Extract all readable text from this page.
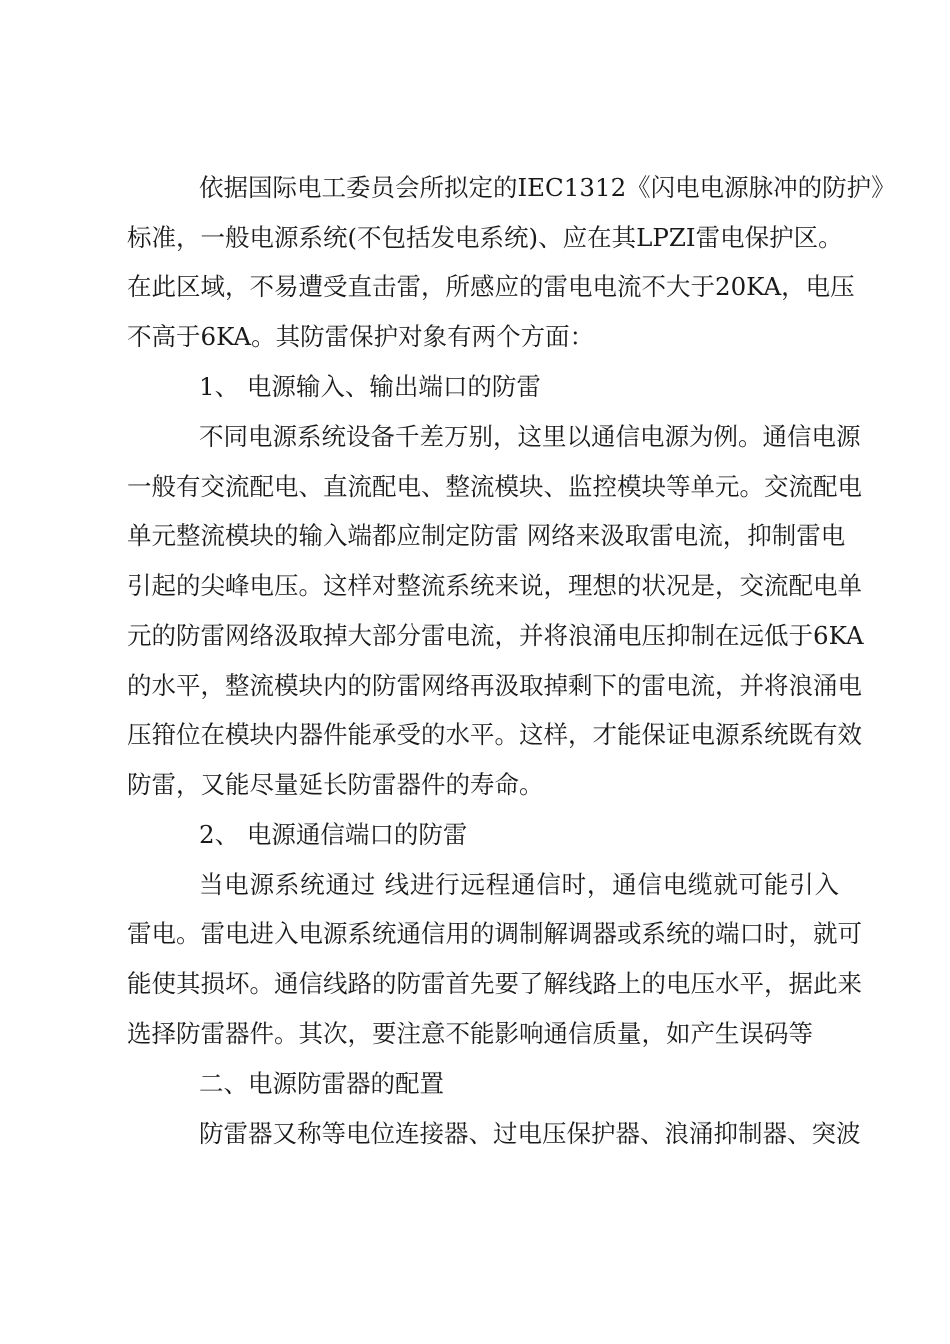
依据国际电工委员会所拟定的IEC1312《闪电电源脉冲的防护》
标准，一般电源系统(不包括发电系统)、应在其LPZI雷电保护区。
在此区域，不易遭受直击雷，所感应的雷电电流不大于20KA，电压
不高于6KA。其防雷保护对象有两个方面：
1、 电源输入、输出端口的防雷
不同电源系统设备千差万别，这里以通信电源为例。通信电源
一般有交流配电、直流配电、整流模块、监控模块等单元。交流配电
单元整流模块的输入端都应制定防雷 网络来汲取雷电流，抑制雷电
引起的尖峰电压。这样对整流系统来说，理想的状况是，交流配电单
元的防雷网络汲取掉大部分雷电流，并将浪涌电压抑制在远低于6KA
的水平，整流模块内的防雷网络再汲取掉剩下的雷电流，并将浪涌电
压箝位在模块内器件能承受的水平。这样，才能保证电源系统既有效
防雷，又能尽量延长防雷器件的寿命。
2、 电源通信端口的防雷
当电源系统通过 线进行远程通信时，通信电缆就可能引入
雷电。雷电进入电源系统通信用的调制解调器或系统的端口时，就可
能使其损坏。通信线路的防雷首先要了解线路上的电压水平，据此来
选择防雷器件。其次，要注意不能影响通信质量，如产生误码等
二、电源防雷器的配置
防雷器又称等电位连接器、过电压保护器、浪涌抑制器、突波
